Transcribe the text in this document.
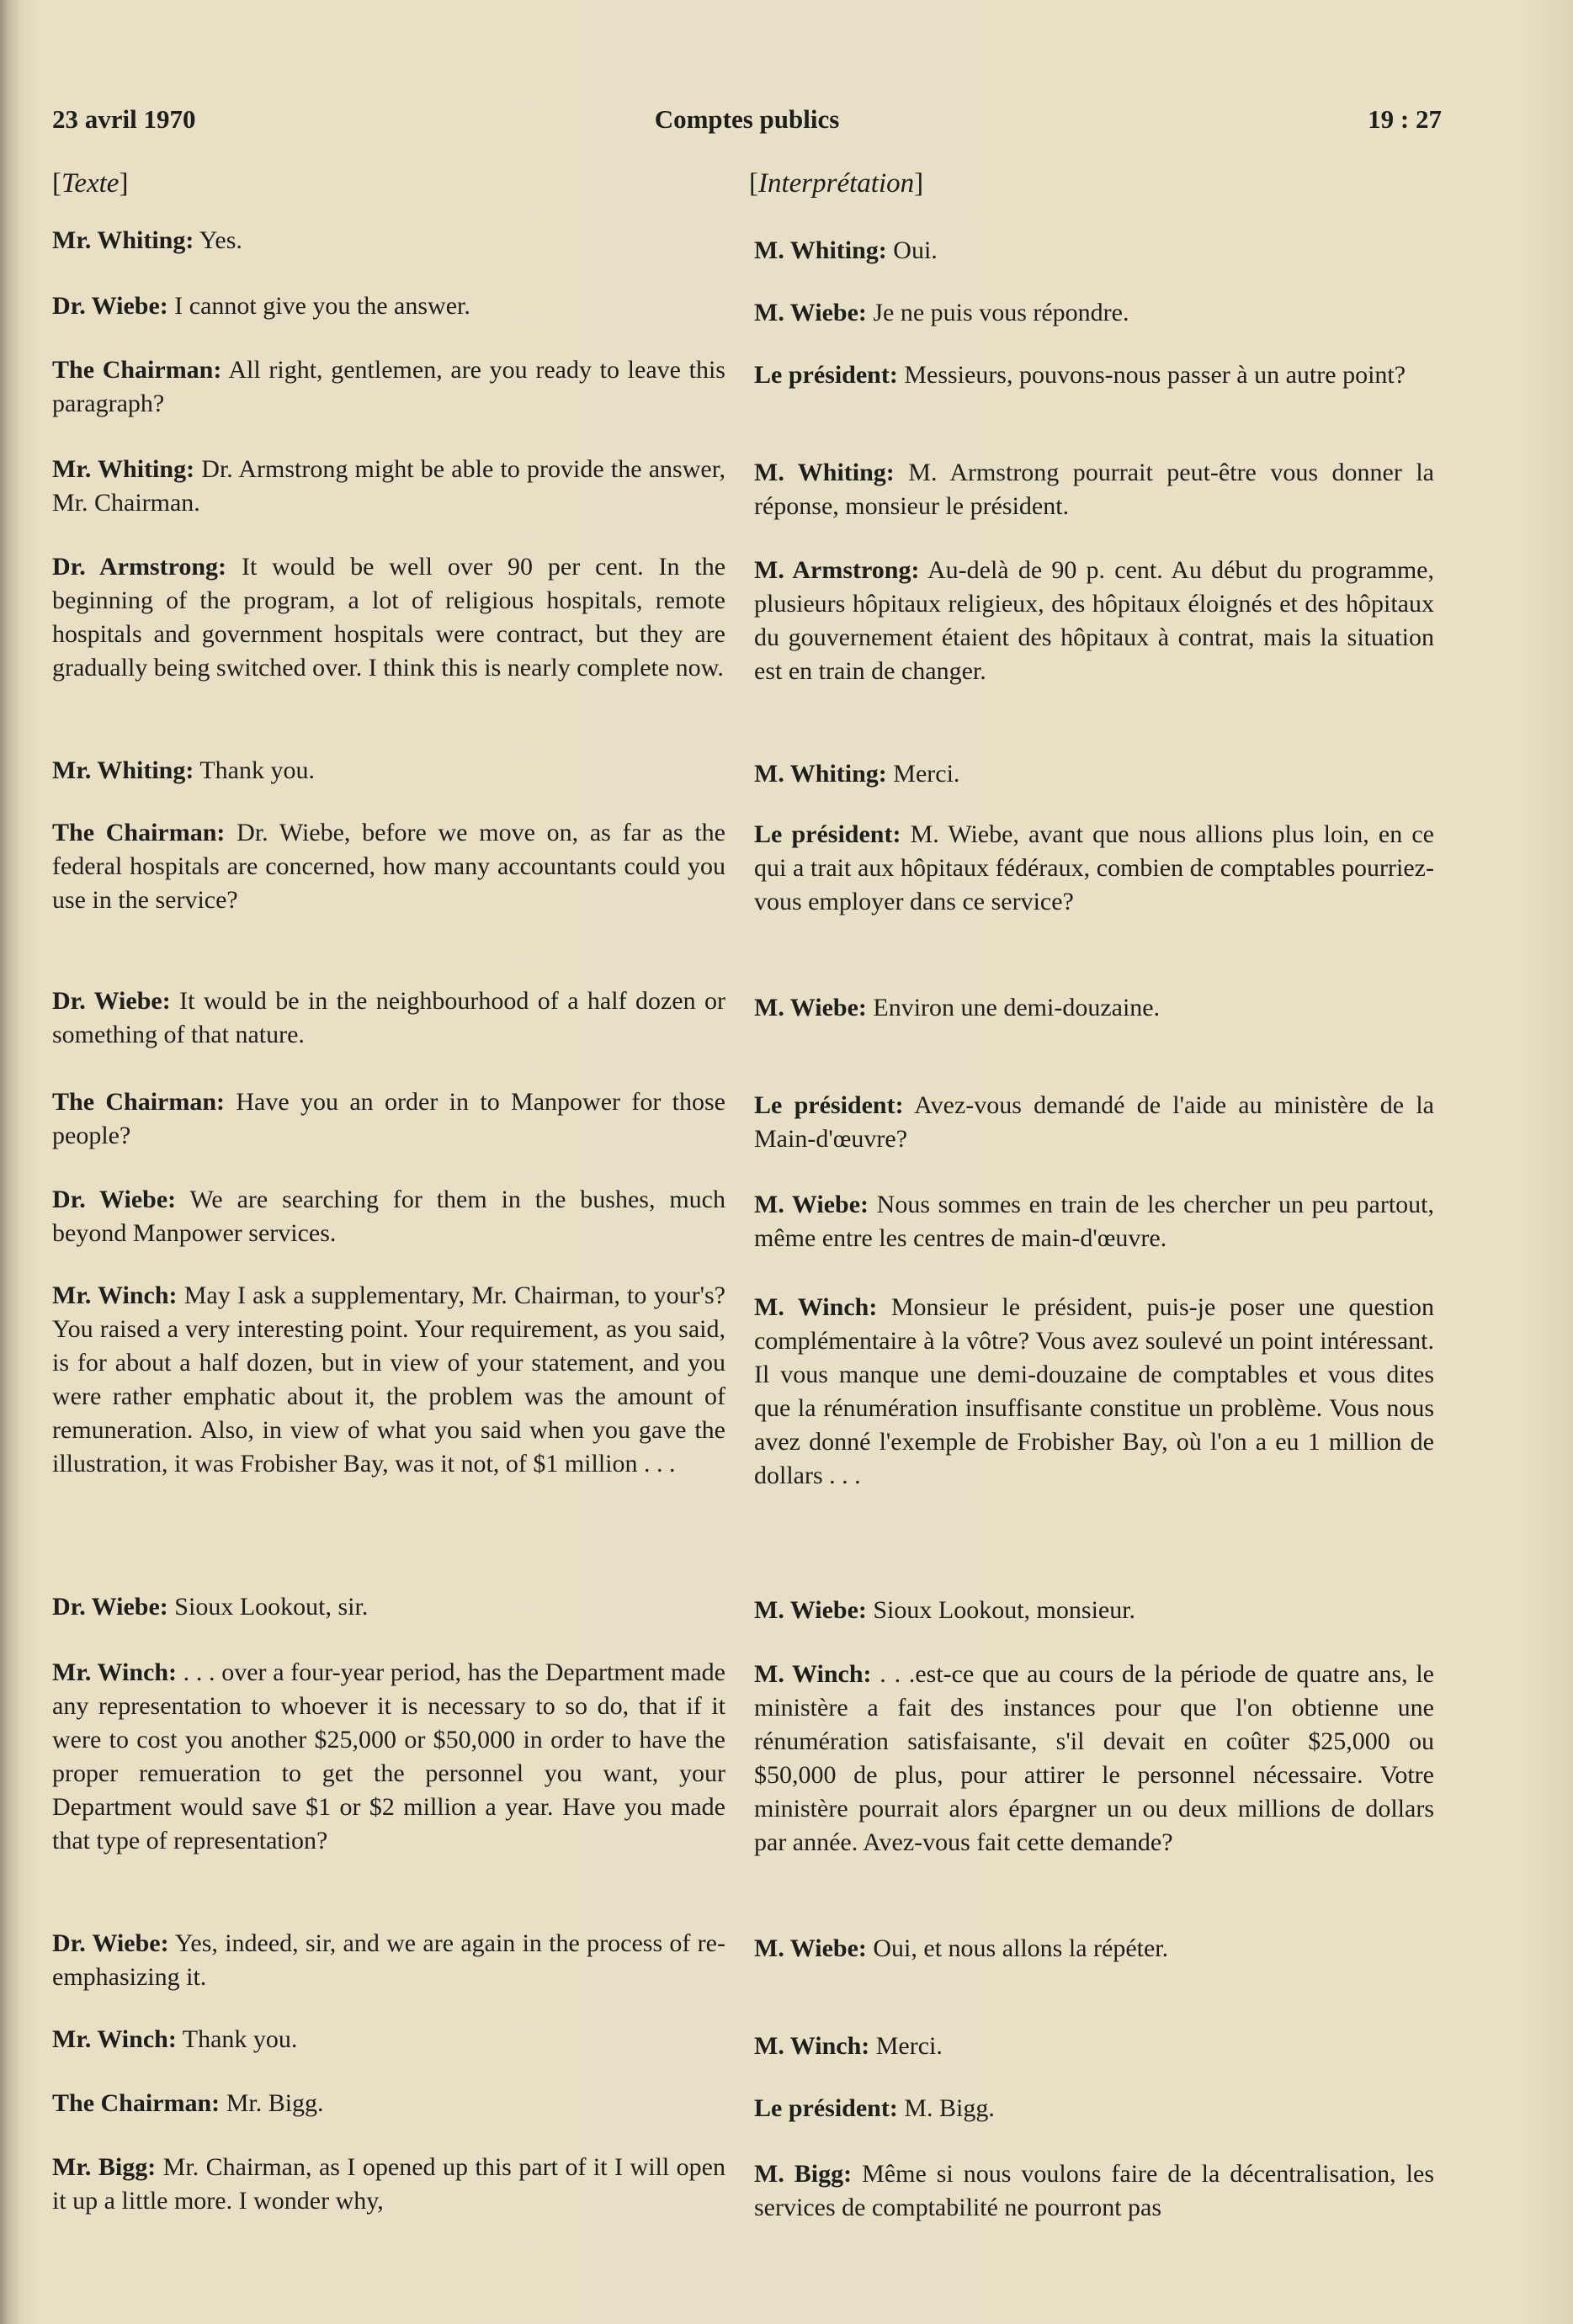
23 avril 1970	Comptes publics	19 : 27
[Texte]	[Interprétation]
Mr. Whiting: Yes.
Dr. Wiebe: I cannot give you the answer.
The Chairman: All right, gentlemen, are you ready to leave this paragraph?
Mr. Whiting: Dr. Armstrong might be able to provide the answer, Mr. Chairman.
Dr. Armstrong: It would be well over 90 per cent. In the beginning of the program, a lot of religious hospitals, remote hospitals and government hospitals were contract, but they are gradually being switched over. I think this is nearly complete now.
Mr. Whiting: Thank you.
The Chairman: Dr. Wiebe, before we move on, as far as the federal hospitals are concerned, how many accountants could you use in the service?
Dr. Wiebe: It would be in the neighbourhood of a half dozen or something of that nature.
The Chairman: Have you an order in to Manpower for those people?
Dr. Wiebe: We are searching for them in the bushes, much beyond Manpower services.
Mr. Winch: May I ask a supplementary, Mr. Chairman, to your's? You raised a very interesting point. Your requirement, as you said, is for about a half dozen, but in view of your statement, and you were rather emphatic about it, the problem was the amount of remuneration. Also, in view of what you said when you gave the illustration, it was Frobisher Bay, was it not, of $1 million . . .
Dr. Wiebe: Sioux Lookout, sir.
Mr. Winch: . . . over a four-year period, has the Department made any representation to whoever it is necessary to so do, that if it were to cost you another $25,000 or $50,000 in order to have the proper remueration to get the personnel you want, your Department would save $1 or $2 million a year. Have you made that type of representation?
Dr. Wiebe: Yes, indeed, sir, and we are again in the process of re-emphasizing it.
Mr. Winch: Thank you.
The Chairman: Mr. Bigg.
Mr. Bigg: Mr. Chairman, as I opened up this part of it I will open it up a little more. I wonder why,
M. Whiting: Oui.
M. Wiebe: Je ne puis vous répondre.
Le président: Messieurs, pouvons-nous passer à un autre point?
M. Whiting: M. Armstrong pourrait peut-être vous donner la réponse, monsieur le président.
M. Armstrong: Au-delà de 90 p. cent. Au début du programme, plusieurs hôpitaux religieux, des hôpitaux éloignés et des hôpitaux du gouvernement étaient des hôpitaux à contrat, mais la situation est en train de changer.
M. Whiting: Merci.
Le président: M. Wiebe, avant que nous allions plus loin, en ce qui a trait aux hôpitaux fédéraux, combien de comptables pourriez-vous employer dans ce service?
M. Wiebe: Environ une demi-douzaine.
Le président: Avez-vous demandé de l'aide au ministère de la Main-d'œuvre?
M. Wiebe: Nous sommes en train de les chercher un peu partout, même entre les centres de main-d'œuvre.
M. Winch: Monsieur le président, puis-je poser une question complémentaire à la vôtre? Vous avez soulevé un point intéressant. Il vous manque une demi-douzaine de comptables et vous dites que la rénumération insuffisante constitue un problème. Vous nous avez donné l'exemple de Frobisher Bay, où l'on a eu 1 million de dollars . . .
M. Wiebe: Sioux Lookout, monsieur.
M. Winch: . . .est-ce que au cours de la période de quatre ans, le ministère a fait des instances pour que l'on obtienne une rénumération satisfaisante, s'il devait en coûter $25,000 ou $50,000 de plus, pour attirer le personnel nécessaire. Votre ministère pourrait alors épargner un ou deux millions de dollars par année. Avez-vous fait cette demande?
M. Wiebe: Oui, et nous allons la répéter.
M. Winch: Merci.
Le président: M. Bigg.
M. Bigg: Même si nous voulons faire de la décentralisation, les services de comptabilité ne pourront pas
